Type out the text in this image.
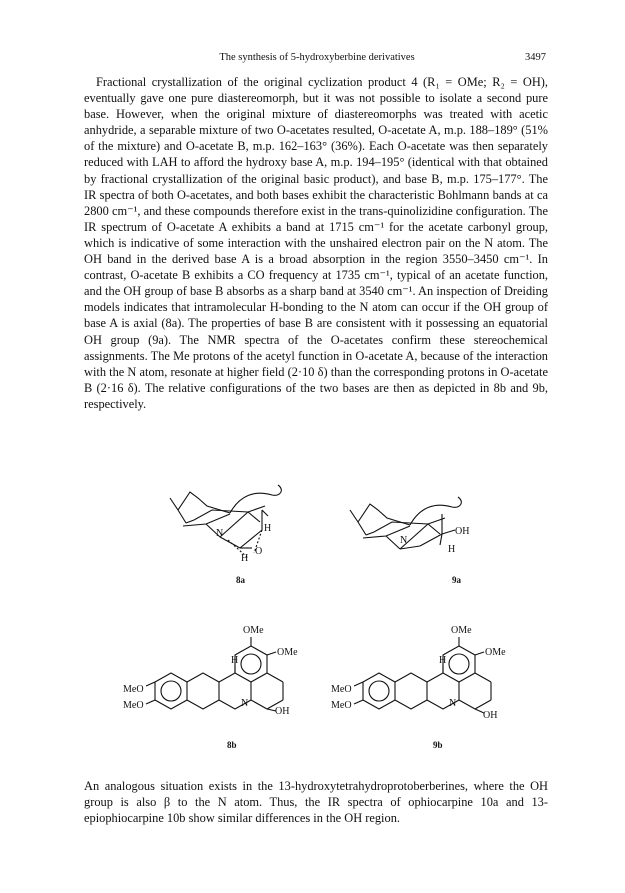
The synthesis of 5-hydroxyberbine derivatives	3497

Fractional crystallization of the original cyclization product 4 (R₁ = OMe; R₂ = OH), eventually gave one pure diastereomorph, but it was not possible to isolate a second pure base. However, when the original mixture of diastereomorphs was treated with acetic anhydride, a separable mixture of two O-acetates resulted, O-acetate A, m.p. 188–189° (51% of the mixture) and O-acetate B, m.p. 162–163° (36%). Each O-acetate was then separately reduced with LAH to afford the hydroxy base A, m.p. 194–195° (identical with that obtained by fractional crystallization of the original basic product), and base B, m.p. 175–177°. The IR spectra of both O-acetates, and both bases exhibit the characteristic Bohlmann bands at ca 2800 cm⁻¹, and these compounds therefore exist in the trans-quinolizidine configuration. The IR spectrum of O-acetate A exhibits a band at 1715 cm⁻¹ for the acetate carbonyl group, which is indicative of some interaction with the unshaired electron pair on the N atom. The OH band in the derived base A is a broad absorption in the region 3550–3450 cm⁻¹. In contrast, O-acetate B exhibits a CO frequency at 1735 cm⁻¹, typical of an acetate function, and the OH group of base B absorbs as a sharp band at 3540 cm⁻¹. An inspection of Dreiding models indicates that intramolecular H-bonding to the N atom can occur if the OH group of base A is axial (8a). The properties of base B are consistent with it possessing an equatorial OH group (9a). The NMR spectra of the O-acetates confirm these stereochemical assignments. The Me protons of the acetyl function in O-acetate A, because of the interaction with the N atom, resonate at higher field (2·10 δ) than the corresponding protons in O-acetate B (2·16 δ). The relative configurations of the two bases are then as depicted in 8b and 9b, respectively.

N	H
H
O
8a
N
OH
H
9a
OMe
OMe
H
MeO
MeO	N
OH
8b
OMe
OMe
H
MeO
MeO	N
OH
9b

An analogous situation exists in the 13-hydroxytetrahydroprotoberberines, where the OH group is also β to the N atom. Thus, the IR spectra of ophiocarpine 10a and 13-epiophiocarpine 10b show similar differences in the OH region.
